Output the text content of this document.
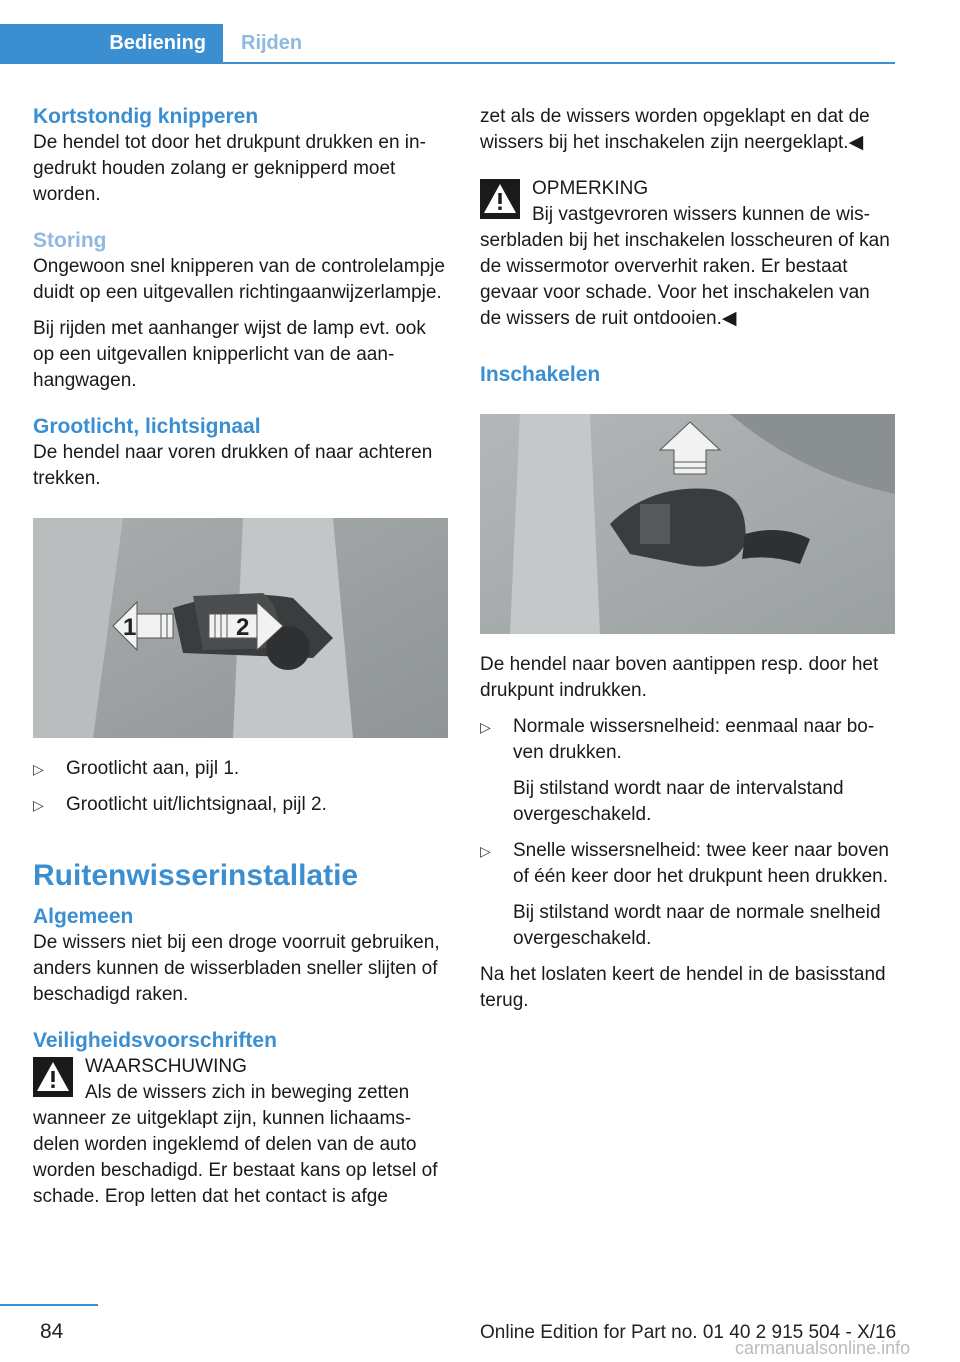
Bediening	Rijden
Kortstondig knipperen

De hendel tot door het drukpunt drukken en ingedrukt houden zolang er geknipperd moet worden.

Storing

Ongewoon snel knipperen van de controlelampje duidt op een uitgevallen richtingaanwijzerlampje.

Bij rijden met aanhanger wijst de lamp evt. ook op een uitgevallen knipperlicht van de aanhangwagen.

Grootlicht, lichtsignaal

De hendel naar voren drukken of naar achteren trekken.

1	2
▷ Grootlicht aan, pijl 1.
▷ Grootlicht uit/lichtsignaal, pijl 2.
Ruitenwisserinstallatie
Algemeen

De wissers niet bij een droge voorruit gebruiken, anders kunnen de wisserbladen sneller slijten of beschadigd raken.

Veiligheidsvoorschriften
WAARSCHUWING
Als de wissers zich in beweging zetten wanneer ze uitgeklapt zijn, kunnen lichaamsdelen worden ingeklemd of delen van de auto worden beschadigd. Er bestaat kans op letsel of schade. Erop letten dat het contact is afge

zet als de wissers worden opgeklapt en dat de wissers bij het inschakelen zijn neergeklapt.◀

OPMERKING
Bij vastgevroren wissers kunnen de wisserbladen bij het inschakelen losscheuren of kan de wissermotor oververhit raken. Er bestaat gevaar voor schade. Voor het inschakelen van de wissers de ruit ontdooien.◀
Inschakelen

De hendel naar boven aantippen resp. door het drukpunt indrukken.

▷ Normale wissersnelheid: eenmaal naar boven drukken.

Bij stilstand wordt naar de intervalstand overgeschakeld.

▷ Snelle wissersnelheid: twee keer naar boven of één keer door het drukpunt heen drukken.

Bij stilstand wordt naar de normale snelheid overgeschakeld.

Na het loslaten keert de hendel in de basisstand terug.

84	Online Edition for Part no. 01 40 2 915 504 - X/16
carmanualsonline.info
